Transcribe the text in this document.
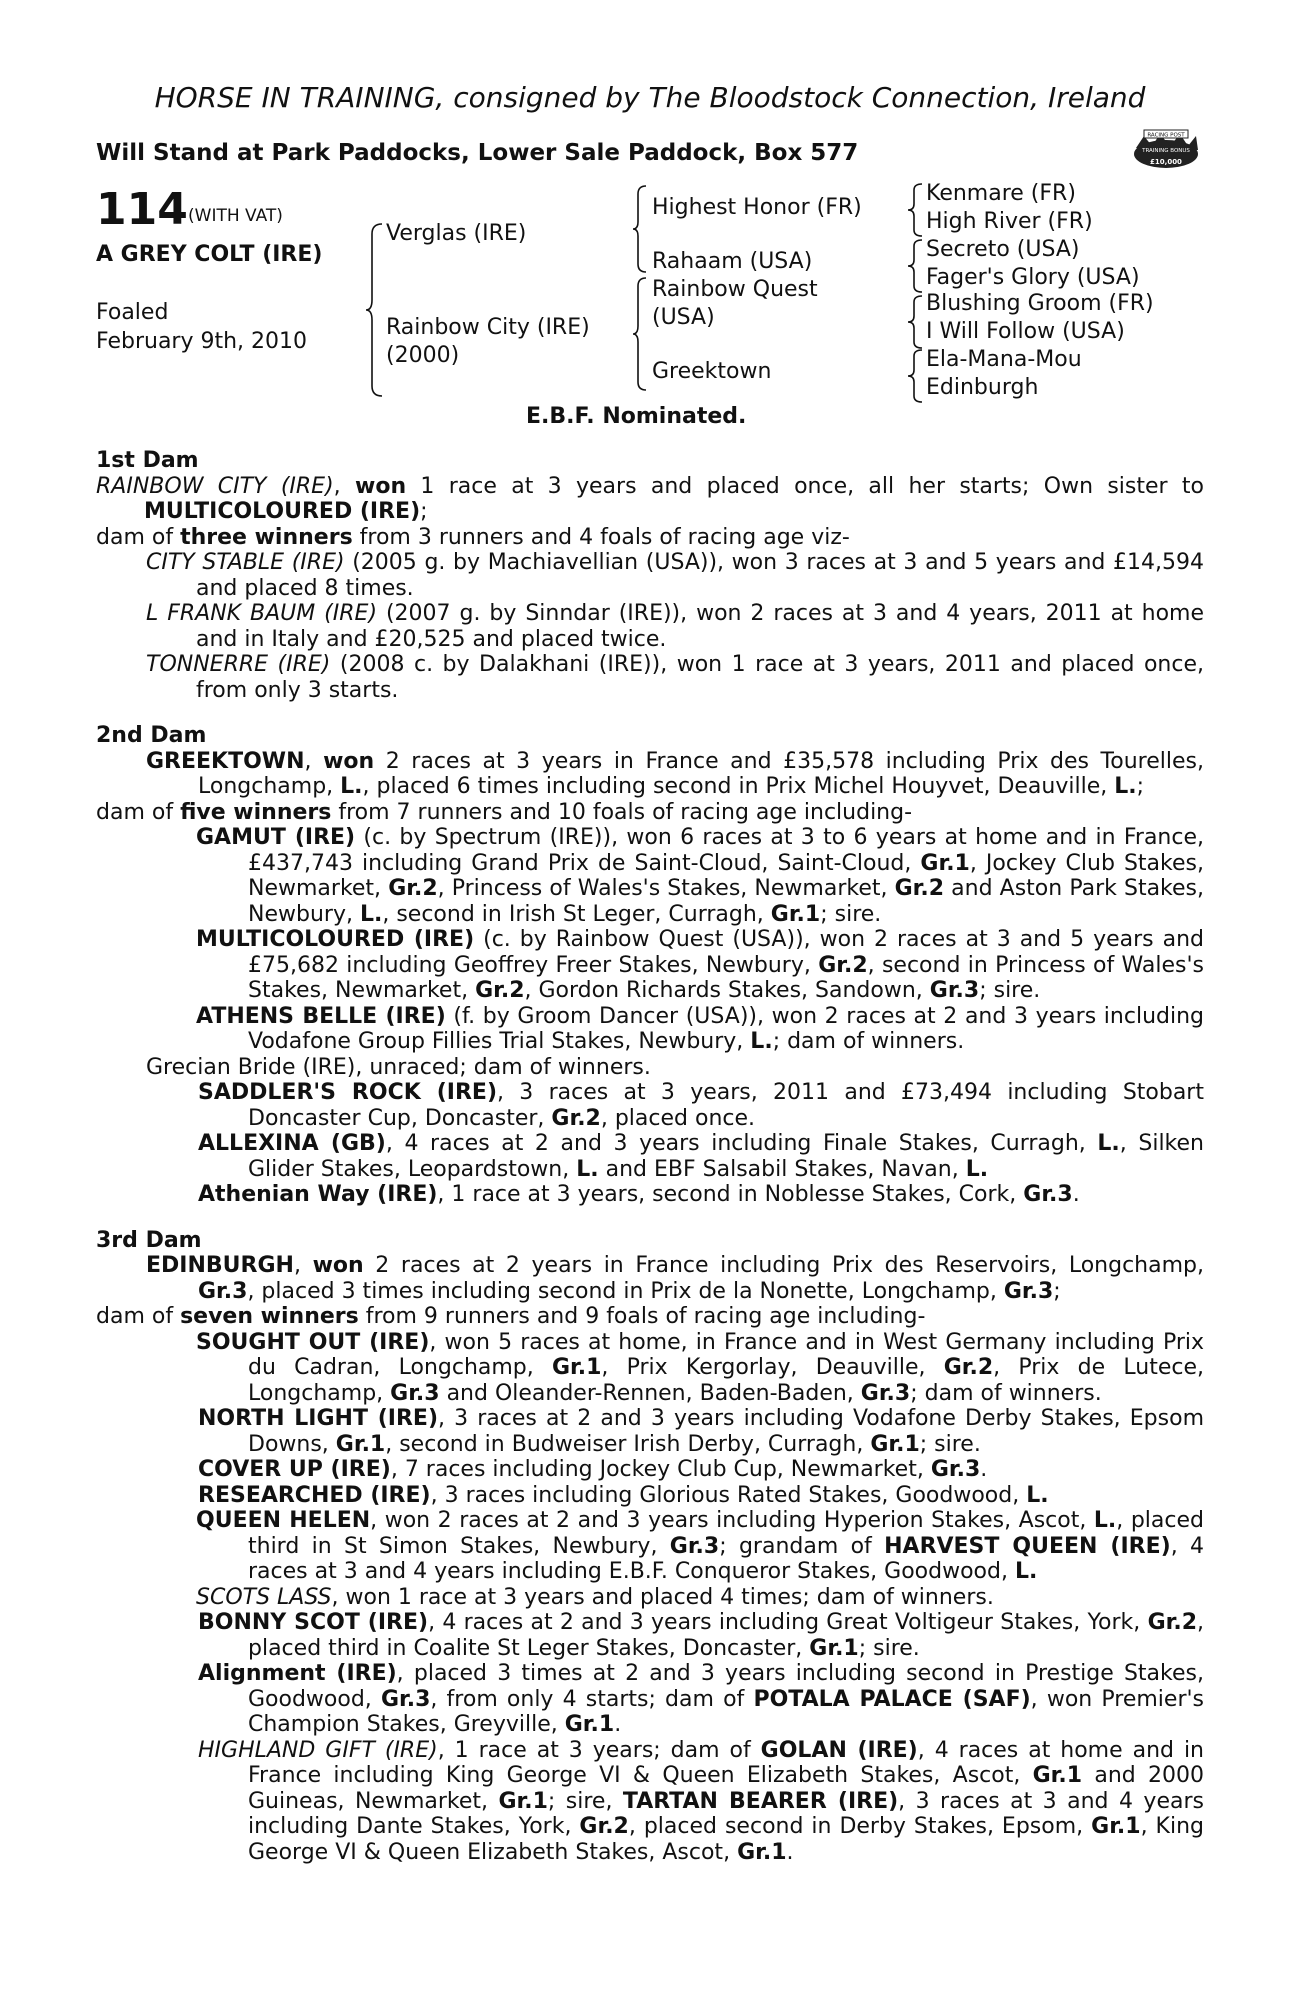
HORSE IN TRAINING, consigned by The Bloodstock Connection, Ireland
Will Stand at Park Paddocks, Lower Sale Paddock, Box 577
RACING POST
TRAINING BONUS
£10,000
114 (WITH VAT)
A GREY COLT (IRE)
Foaled
February 9th, 2010
Verglas (IRE)
Rainbow City (IRE)
(2000)
Highest Honor (FR)
Rahaam (USA)
Rainbow Quest
(USA)
Greektown
Kenmare (FR)
High River (FR)
Secreto (USA)
Fager's Glory (USA)
Blushing Groom (FR)
I Will Follow (USA)
Ela-Mana-Mou
Edinburgh
E.B.F. Nominated.
1st Dam
RAINBOW CITY (IRE), won 1 race at 3 years and placed once, all her starts; Own sister to MULTICOLOURED (IRE);
dam of three winners from 3 runners and 4 foals of racing age viz-
CITY STABLE (IRE) (2005 g. by Machiavellian (USA)), won 3 races at 3 and 5 years and £14,594 and placed 8 times.
L FRANK BAUM (IRE) (2007 g. by Sinndar (IRE)), won 2 races at 3 and 4 years, 2011 at home and in Italy and £20,525 and placed twice.
TONNERRE (IRE) (2008 c. by Dalakhani (IRE)), won 1 race at 3 years, 2011 and placed once, from only 3 starts.
2nd Dam
GREEKTOWN, won 2 races at 3 years in France and £35,578 including Prix des Tourelles, Longchamp, L., placed 6 times including second in Prix Michel Houyvet, Deauville, L.;
dam of five winners from 7 runners and 10 foals of racing age including-
GAMUT (IRE) (c. by Spectrum (IRE)), won 6 races at 3 to 6 years at home and in France, £437,743 including Grand Prix de Saint-Cloud, Saint-Cloud, Gr.1, Jockey Club Stakes, Newmarket, Gr.2, Princess of Wales's Stakes, Newmarket, Gr.2 and Aston Park Stakes, Newbury, L., second in Irish St Leger, Curragh, Gr.1; sire.
MULTICOLOURED (IRE) (c. by Rainbow Quest (USA)), won 2 races at 3 and 5 years and £75,682 including Geoffrey Freer Stakes, Newbury, Gr.2, second in Princess of Wales's Stakes, Newmarket, Gr.2, Gordon Richards Stakes, Sandown, Gr.3; sire.
ATHENS BELLE (IRE) (f. by Groom Dancer (USA)), won 2 races at 2 and 3 years including Vodafone Group Fillies Trial Stakes, Newbury, L.; dam of winners.
Grecian Bride (IRE), unraced; dam of winners.
SADDLER'S ROCK (IRE), 3 races at 3 years, 2011 and £73,494 including Stobart Doncaster Cup, Doncaster, Gr.2, placed once.
ALLEXINA (GB), 4 races at 2 and 3 years including Finale Stakes, Curragh, L., Silken Glider Stakes, Leopardstown, L. and EBF Salsabil Stakes, Navan, L.
Athenian Way (IRE), 1 race at 3 years, second in Noblesse Stakes, Cork, Gr.3.
3rd Dam
EDINBURGH, won 2 races at 2 years in France including Prix des Reservoirs, Longchamp, Gr.3, placed 3 times including second in Prix de la Nonette, Longchamp, Gr.3;
dam of seven winners from 9 runners and 9 foals of racing age including-
SOUGHT OUT (IRE), won 5 races at home, in France and in West Germany including Prix du Cadran, Longchamp, Gr.1, Prix Kergorlay, Deauville, Gr.2, Prix de Lutece, Longchamp, Gr.3 and Oleander-Rennen, Baden-Baden, Gr.3; dam of winners.
NORTH LIGHT (IRE), 3 races at 2 and 3 years including Vodafone Derby Stakes, Epsom Downs, Gr.1, second in Budweiser Irish Derby, Curragh, Gr.1; sire.
COVER UP (IRE), 7 races including Jockey Club Cup, Newmarket, Gr.3.
RESEARCHED (IRE), 3 races including Glorious Rated Stakes, Goodwood, L.
QUEEN HELEN, won 2 races at 2 and 3 years including Hyperion Stakes, Ascot, L., placed third in St Simon Stakes, Newbury, Gr.3; grandam of HARVEST QUEEN (IRE), 4 races at 3 and 4 years including E.B.F. Conqueror Stakes, Goodwood, L.
SCOTS LASS, won 1 race at 3 years and placed 4 times; dam of winners.
BONNY SCOT (IRE), 4 races at 2 and 3 years including Great Voltigeur Stakes, York, Gr.2, placed third in Coalite St Leger Stakes, Doncaster, Gr.1; sire.
Alignment (IRE), placed 3 times at 2 and 3 years including second in Prestige Stakes, Goodwood, Gr.3, from only 4 starts; dam of POTALA PALACE (SAF), won Premier's Champion Stakes, Greyville, Gr.1.
HIGHLAND GIFT (IRE), 1 race at 3 years; dam of GOLAN (IRE), 4 races at home and in France including King George VI & Queen Elizabeth Stakes, Ascot, Gr.1 and 2000 Guineas, Newmarket, Gr.1; sire, TARTAN BEARER (IRE), 3 races at 3 and 4 years including Dante Stakes, York, Gr.2, placed second in Derby Stakes, Epsom, Gr.1, King George VI & Queen Elizabeth Stakes, Ascot, Gr.1.
